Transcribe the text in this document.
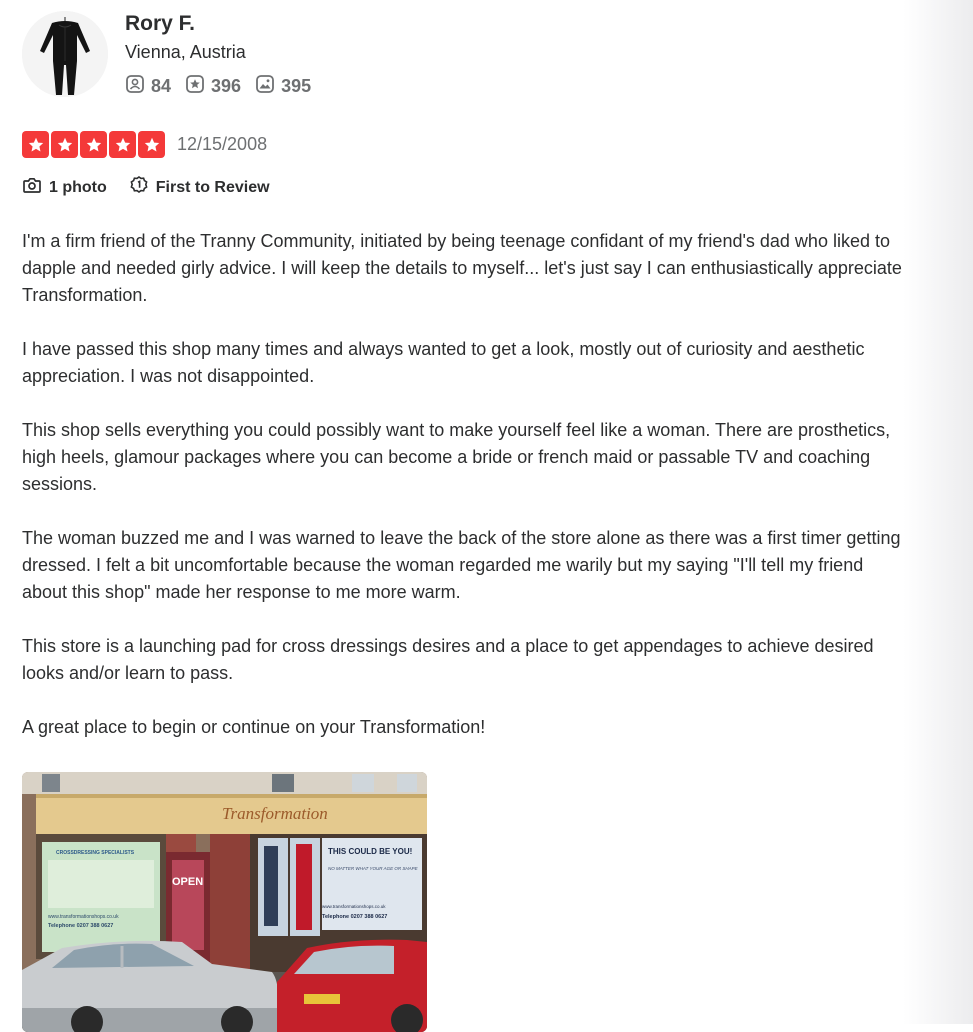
Rory F.
Vienna, Austria
84 396 395
12/15/2008
1 photo	First to Review

I'm a firm friend of the Tranny Community, initiated by being teenage confidant of my friend's dad who liked to dapple and needed girly advice. I will keep the details to myself... let's just say I can enthusiastically appreciate Transformation.

I have passed this shop many times and always wanted to get a look, mostly out of curiosity and aesthetic appreciation. I was not disappointed.

This shop sells everything you could possibly want to make yourself feel like a woman. There are prosthetics, high heels, glamour packages where you can become a bride or french maid or passable TV and coaching sessions.

The woman buzzed me and I was warned to leave the back of the store alone as there was a first timer getting dressed. I felt a bit uncomfortable because the woman regarded me warily but my saying "I'll tell my friend about this shop" made her response to me more warm.

This store is a launching pad for cross dressings desires and a place to get appendages to achieve desired looks and/or learn to pass.

A great place to begin or continue on your Transformation!

Transformation
CROSSDRESSING SPECIALISTS
www.transformationshops.co.uk
Telephone 0207 388 0627
OPEN
THIS COULD BE YOU!
NO MATTER WHAT YOUR AGE OR SHAPE
www.transformationshops.co.uk
Telephone 0207 388 0627
